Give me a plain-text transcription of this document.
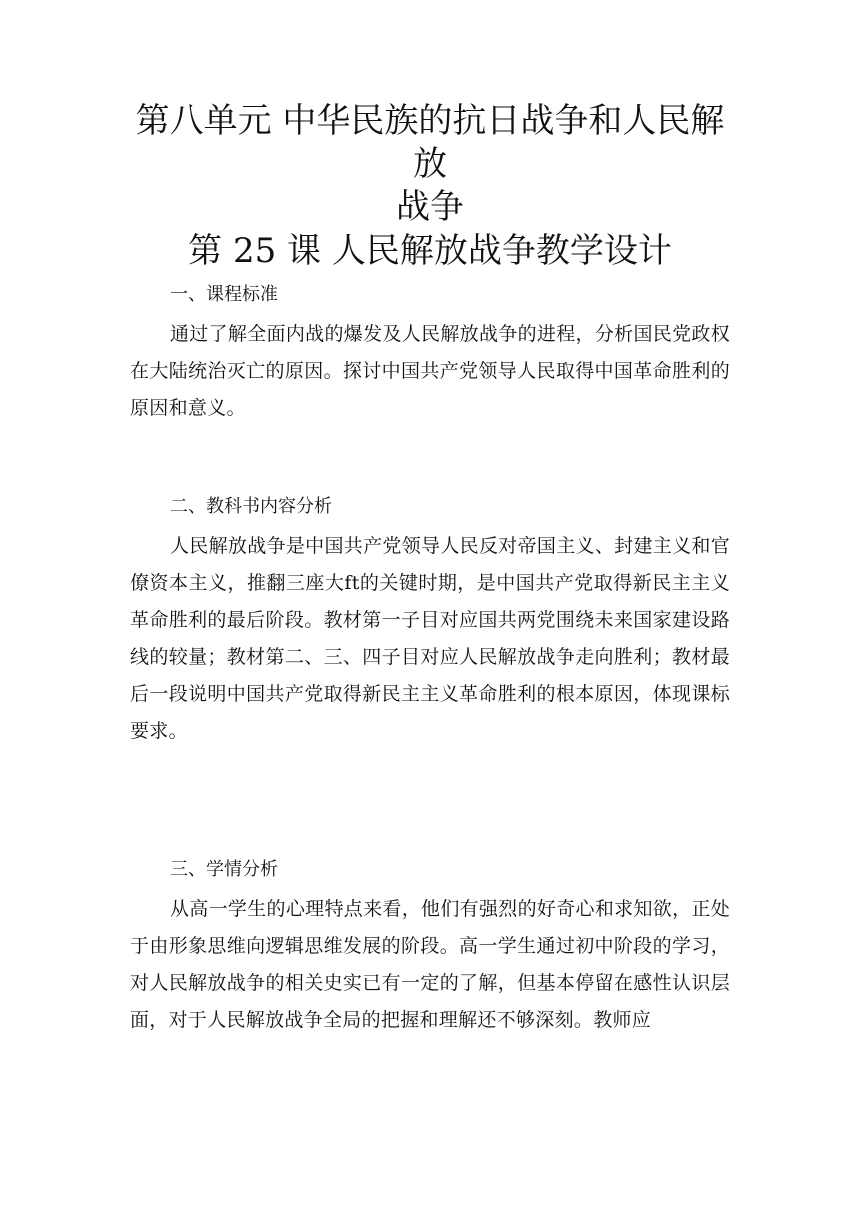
第八单元 中华民族的抗日战争和人民解放
战争
第 25 课 人民解放战争教学设计

一、课程标准

通过了解全面内战的爆发及人民解放战争的进程，分析国民党政权在大陆统治灭亡的原因。探讨中国共产党领导人民取得中国革命胜利的原因和意义。

二、教科书内容分析

人民解放战争是中国共产党领导人民反对帝国主义、封建主义和官僚资本主义，推翻三座大ft的关键时期，是中国共产党取得新民主主义革命胜利的最后阶段。教材第一子目对应国共两党围绕未来国家建设路线的较量；教材第二、三、四子目对应人民解放战争走向胜利；教材最后一段说明中国共产党取得新民主主义革命胜利的根本原因，体现课标要求。

三、学情分析

从高一学生的心理特点来看，他们有强烈的好奇心和求知欲，正处于由形象思维向逻辑思维发展的阶段。高一学生通过初中阶段的学习，对人民解放战争的相关史实已有一定的了解，但基本停留在感性认识层面，对于人民解放战争全局的把握和理解还不够深刻。教师应
